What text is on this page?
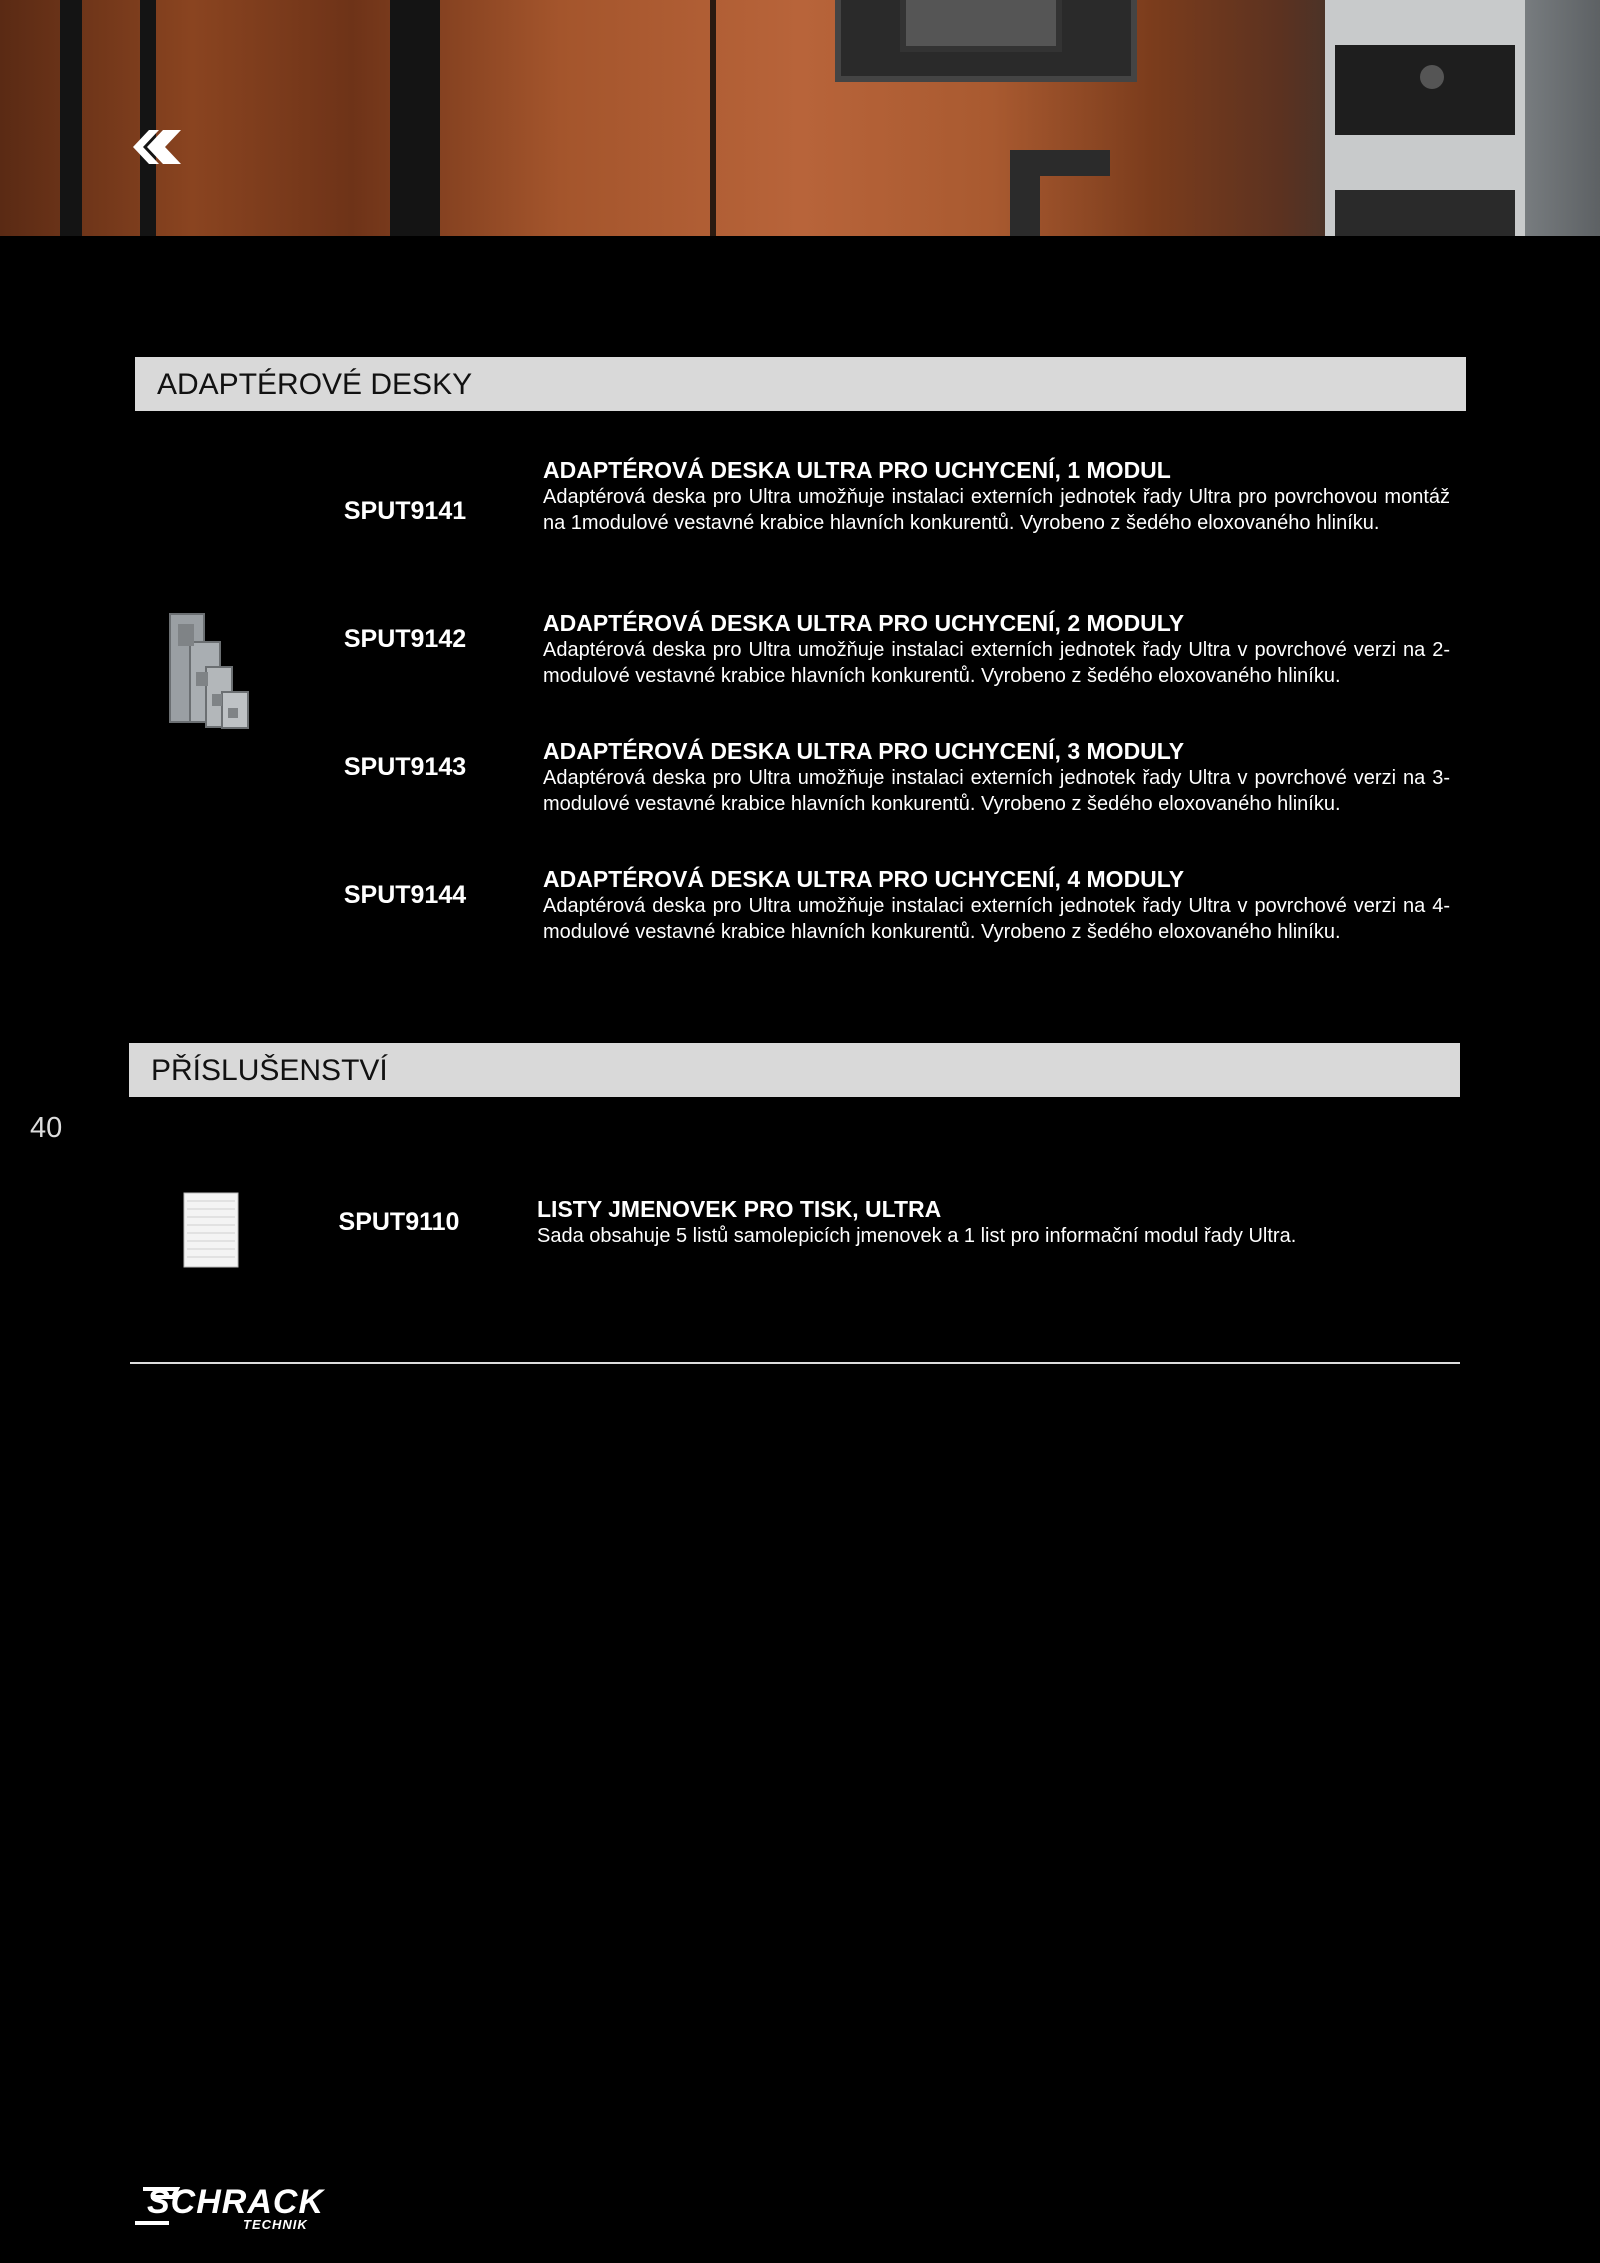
ADAPTÉROVÉ DESKY
SPUT9141
ADAPTÉROVÁ DESKA ULTRA PRO UCHYCENÍ, 1 MODUL
Adaptérová deska pro Ultra umožňuje instalaci externích jednotek řady Ultra pro povrchovou montáž na 1modulové vestavné krabice hlavních konkurentů. Vyrobeno z šedého eloxovaného hliníku.
SPUT9142
ADAPTÉROVÁ DESKA ULTRA PRO UCHYCENÍ, 2 MODULY
Adaptérová deska pro Ultra umožňuje instalaci externích jednotek řady Ultra v povrchové verzi na 2-modulové vestavné krabice hlavních konkurentů. Vyrobeno z šedého eloxovaného hliníku.
SPUT9143
ADAPTÉROVÁ DESKA ULTRA PRO UCHYCENÍ, 3 MODULY
Adaptérová deska pro Ultra umožňuje instalaci externích jednotek řady Ultra v povrchové verzi na 3-modulové vestavné krabice hlavních konkurentů. Vyrobeno z šedého eloxovaného hliníku.
SPUT9144
ADAPTÉROVÁ DESKA ULTRA PRO UCHYCENÍ, 4 MODULY
Adaptérová deska pro Ultra umožňuje instalaci externích jednotek řady Ultra v povrchové verzi na 4-modulové vestavné krabice hlavních konkurentů. Vyrobeno z šedého eloxovaného hliníku.
PŘÍSLUŠENSTVÍ
40
SPUT9110	LISTY JMENOVEK PRO TISK, ULTRA
Sada obsahuje 5 listů samolepicích jmenovek a 1 list pro informační modul řady Ultra.
SCHRACK
TECHNIK
